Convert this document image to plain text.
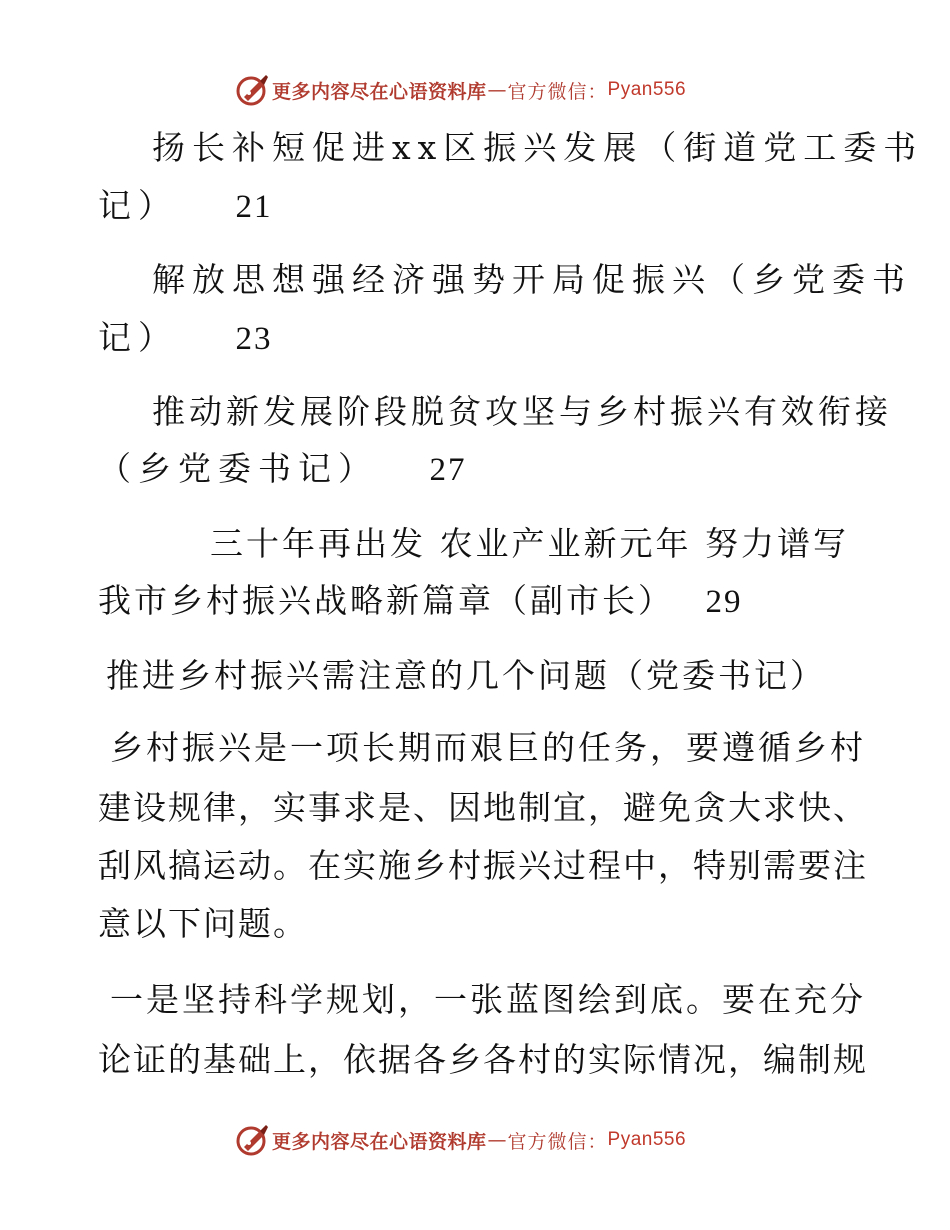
更多内容尽在心语资料库 — 官方微信： Pyan556
扬长补短促进xx区振兴发展（街道党工委书
记） 21
解放思想强经济强势开局促振兴（乡党委书
记） 23
推动新发展阶段脱贫攻坚与乡村振兴有效衔接
（乡党委书记） 27
三十年再出发 农业产业新元年 努力谱写
我市乡村振兴战略新篇章（副市长） 29
推进乡村振兴需注意的几个问题（党委书记）
乡村振兴是一项长期而艰巨的任务，要遵循乡村
建设规律，实事求是、因地制宜，避免贪大求快、
刮风搞运动。在实施乡村振兴过程中，特别需要注
意以下问题。
一是坚持科学规划，一张蓝图绘到底。要在充分
论证的基础上，依据各乡各村的实际情况，编制规
更多内容尽在心语资料库 — 官方微信： Pyan556
